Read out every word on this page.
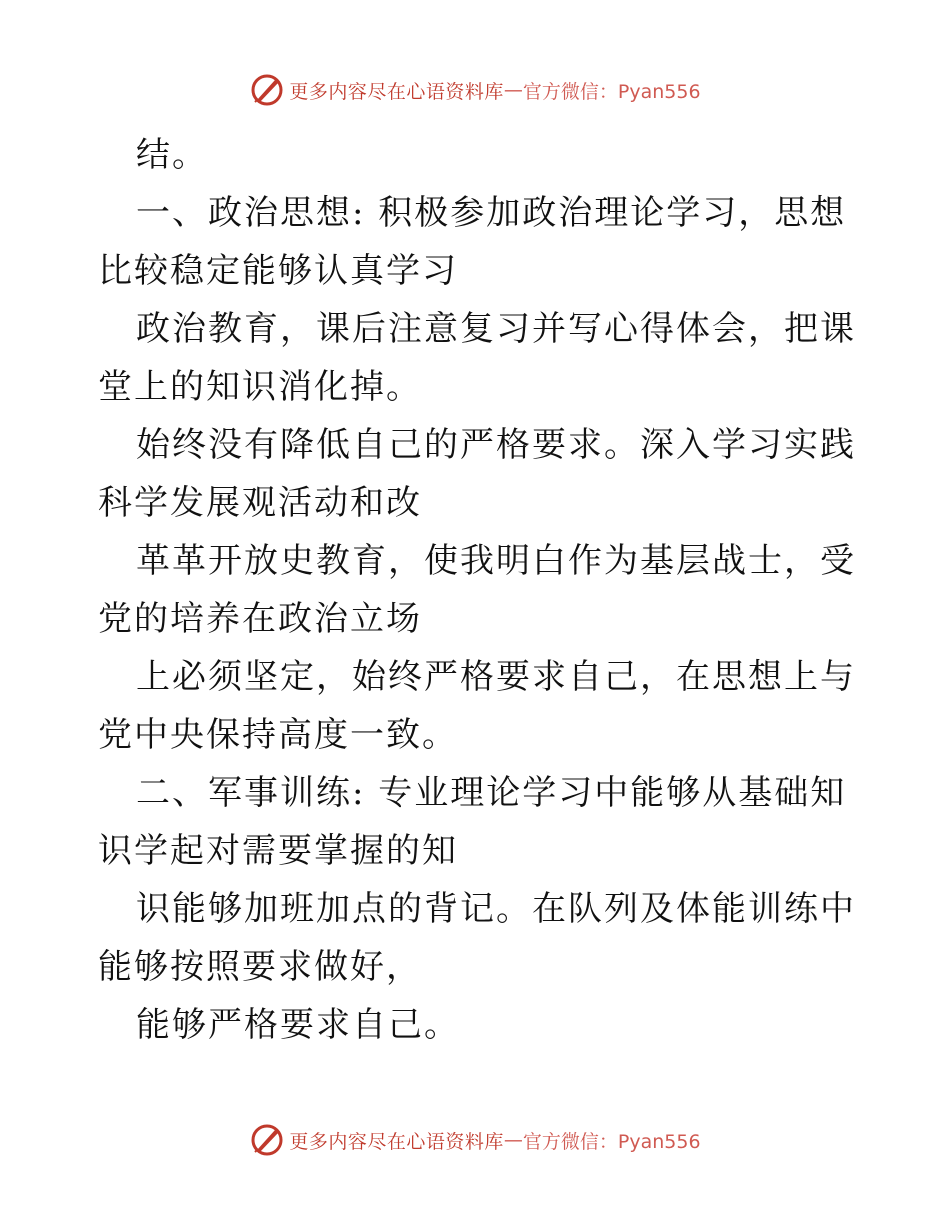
更多内容尽在心语资料库 — 官方微信：Pyan556

结。

一、政治思想: 积极参加政治理论学习，思想比较稳定能够认真学习

政治教育，课后注意复习并写心得体会，把课堂上的知识消化掉。

始终没有降低自己的严格要求。深入学习实践科学发展观活动和改

革革开放史教育，使我明白作为基层战士，受党的培养在政治立场

上必须坚定，始终严格要求自己，在思想上与党中央保持高度一致。

二、军事训练: 专业理论学习中能够从基础知识学起对需要掌握的知

识能够加班加点的背记。在队列及体能训练中能够按照要求做好，

能够严格要求自己。

更多内容尽在心语资料库 — 官方微信：Pyan556
